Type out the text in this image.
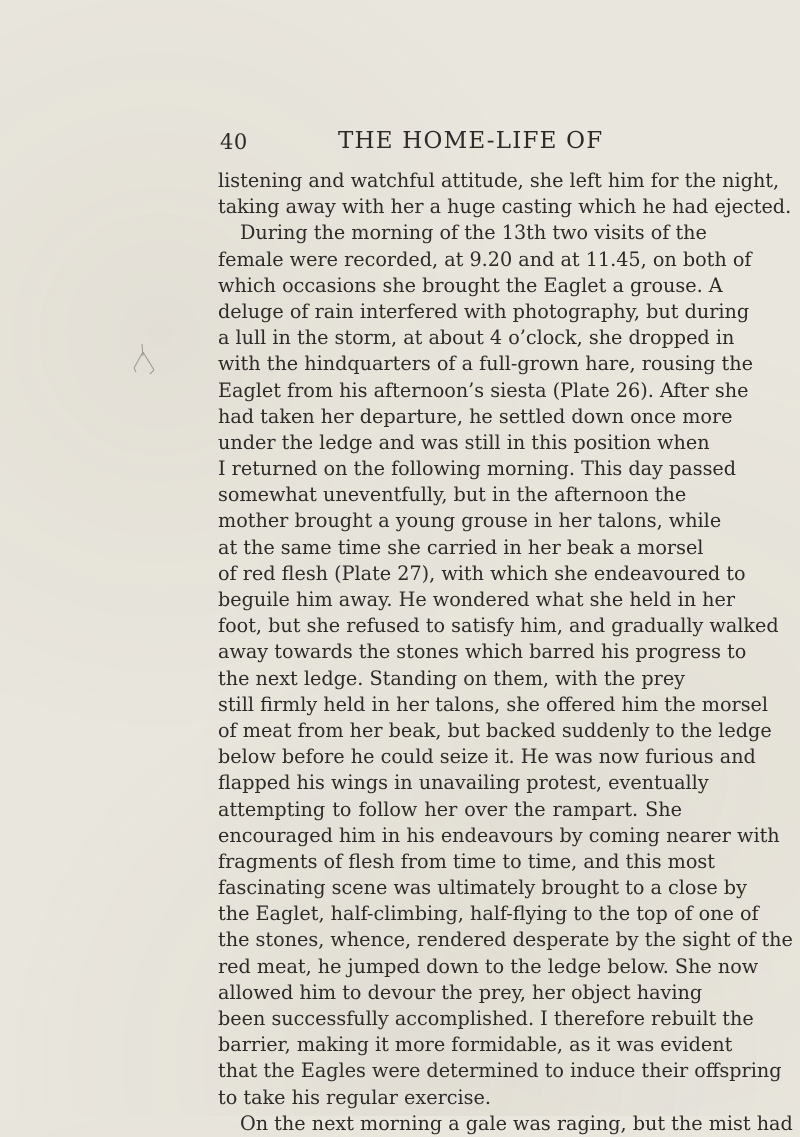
40	THE HOME-LIFE OF
listening and watchful attitude, she left him for the night,
taking away with her a huge casting which he had ejected.
During the morning of the 13th two visits of the
female were recorded, at 9.20 and at 11.45, on both of
which occasions she brought the Eaglet a grouse. A
deluge of rain interfered with photography, but during
a lull in the storm, at about 4 o’clock, she dropped in
with the hindquarters of a full-grown hare, rousing the
Eaglet from his afternoon’s siesta (Plate 26). After she
had taken her departure, he settled down once more
under the ledge and was still in this position when
I returned on the following morning. This day passed
somewhat uneventfully, but in the afternoon the
mother brought a young grouse in her talons, while
at the same time she carried in her beak a morsel
of red flesh (Plate 27), with which she endeavoured to
beguile him away. He wondered what she held in her
foot, but she refused to satisfy him, and gradually walked
away towards the stones which barred his progress to
the next ledge. Standing on them, with the prey
still firmly held in her talons, she offered him the morsel
of meat from her beak, but backed suddenly to the ledge
below before he could seize it. He was now furious and
flapped his wings in unavailing protest, eventually
attempting to follow her over the rampart. She
encouraged him in his endeavours by coming nearer with
fragments of flesh from time to time, and this most
fascinating scene was ultimately brought to a close by
the Eaglet, half-climbing, half-flying to the top of one of
the stones, whence, rendered desperate by the sight of the
red meat, he jumped down to the ledge below. She now
allowed him to devour the prey, her object having
been successfully accomplished. I therefore rebuilt the
barrier, making it more formidable, as it was evident
that the Eagles were determined to induce their offspring
to take his regular exercise.
On the next morning a gale was raging, but the mist had
